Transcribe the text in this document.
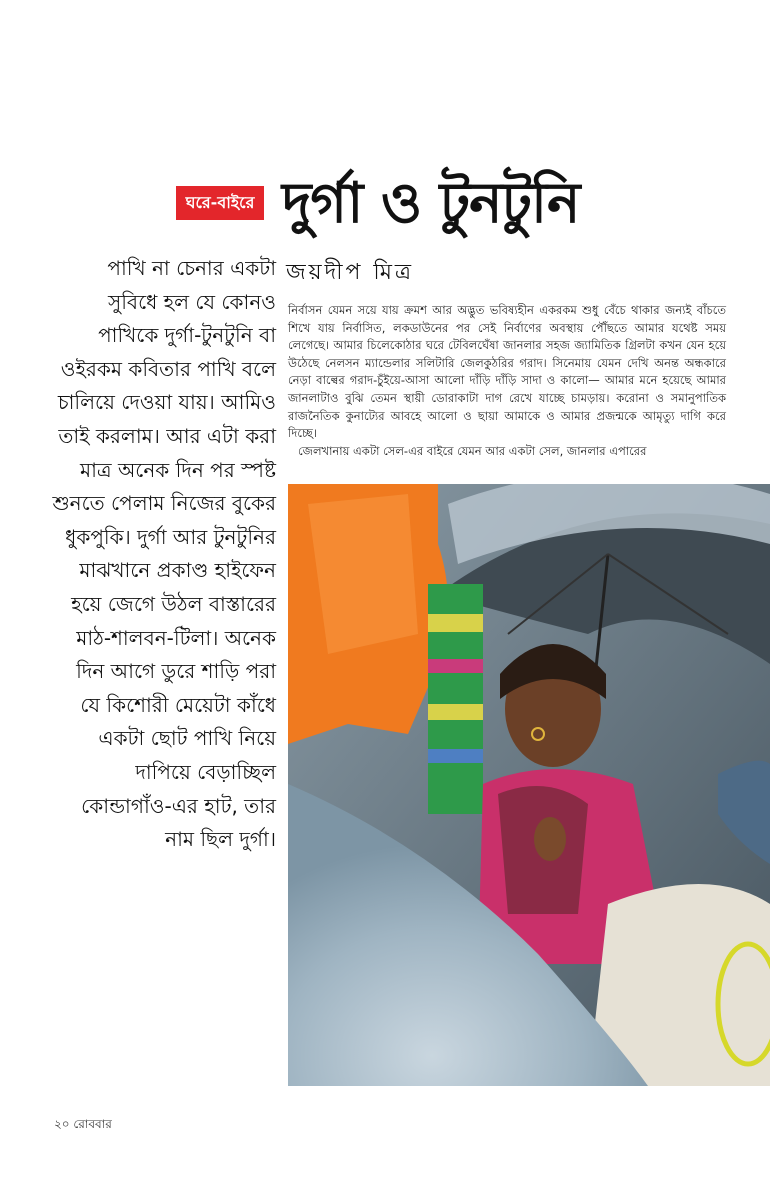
ঘরে-বাইরে দুর্গা ও টুনটুনি
জয়দীপ মিত্র

পাখি না চেনার একটা সুবিধে হল যে কোনও পাখিকে দুর্গা-টুনটুনি বা ওইরকম কবিতার পাখি বলে চালিয়ে দেওয়া যায়। আমিও তাই করলাম। আর এটা করা মাত্র অনেক দিন পর স্পষ্ট শুনতে পেলাম নিজের বুকের ধুকপুকি। দুর্গা আর টুনটুনির মাঝখানে প্রকাণ্ড হাইফেন হয়ে জেগে উঠল বাস্তারের মাঠ-শালবন-টিলা। অনেক দিন আগে ডুরে শাড়ি পরা যে কিশোরী মেয়েটা কাঁধে একটা ছোট পাখি নিয়ে দাপিয়ে বেড়াচ্ছিল কোন্ডাগাঁও-এর হাট, তার নাম ছিল দুর্গা।

নির্বাসন যেমন সয়ে যায় ক্রমশ আর অদ্ভুত ভবিষ্যহীন একরকম শুধু বেঁচে থাকার জন্যই বাঁচতে শিখে যায় নির্বাসিত, লকডাউনের পর সেই নির্বাণের অবস্থায় পৌঁছতে আমার যথেষ্ট সময় লেগেছে। আমার চিলেকোঠার ঘরে টেবিলঘেঁষা জানলার সহজ জ্যামিতিক গ্রিলটা কখন যেন হয়ে উঠেছে নেলসন ম্যান্ডেলার সলিটারি জেলকুঠরির গরাদ। সিনেমায় যেমন দেখি অনন্ত অন্ধকারে নেড়া বাল্বের গরাদ-চুঁইয়ে-আসা আলো দাঁড়ি দাঁড়ি সাদা ও কালো— আমার মনে হয়েছে আমার জানলাটাও বুঝি তেমন স্থায়ী ডোরাকাটা দাগ রেখে যাচ্ছে চামড়ায়। করোনা ও সমানুপাতিক রাজনৈতিক কুনাট্যের আবহে আলো ও ছায়া আমাকে ও আমার প্রজন্মকে আমৃত্যু দাগি করে দিচ্ছে।

জেলখানায় একটা সেল-এর বাইরে যেমন আর একটা সেল, জানলার এপারের

২০ রোববার
